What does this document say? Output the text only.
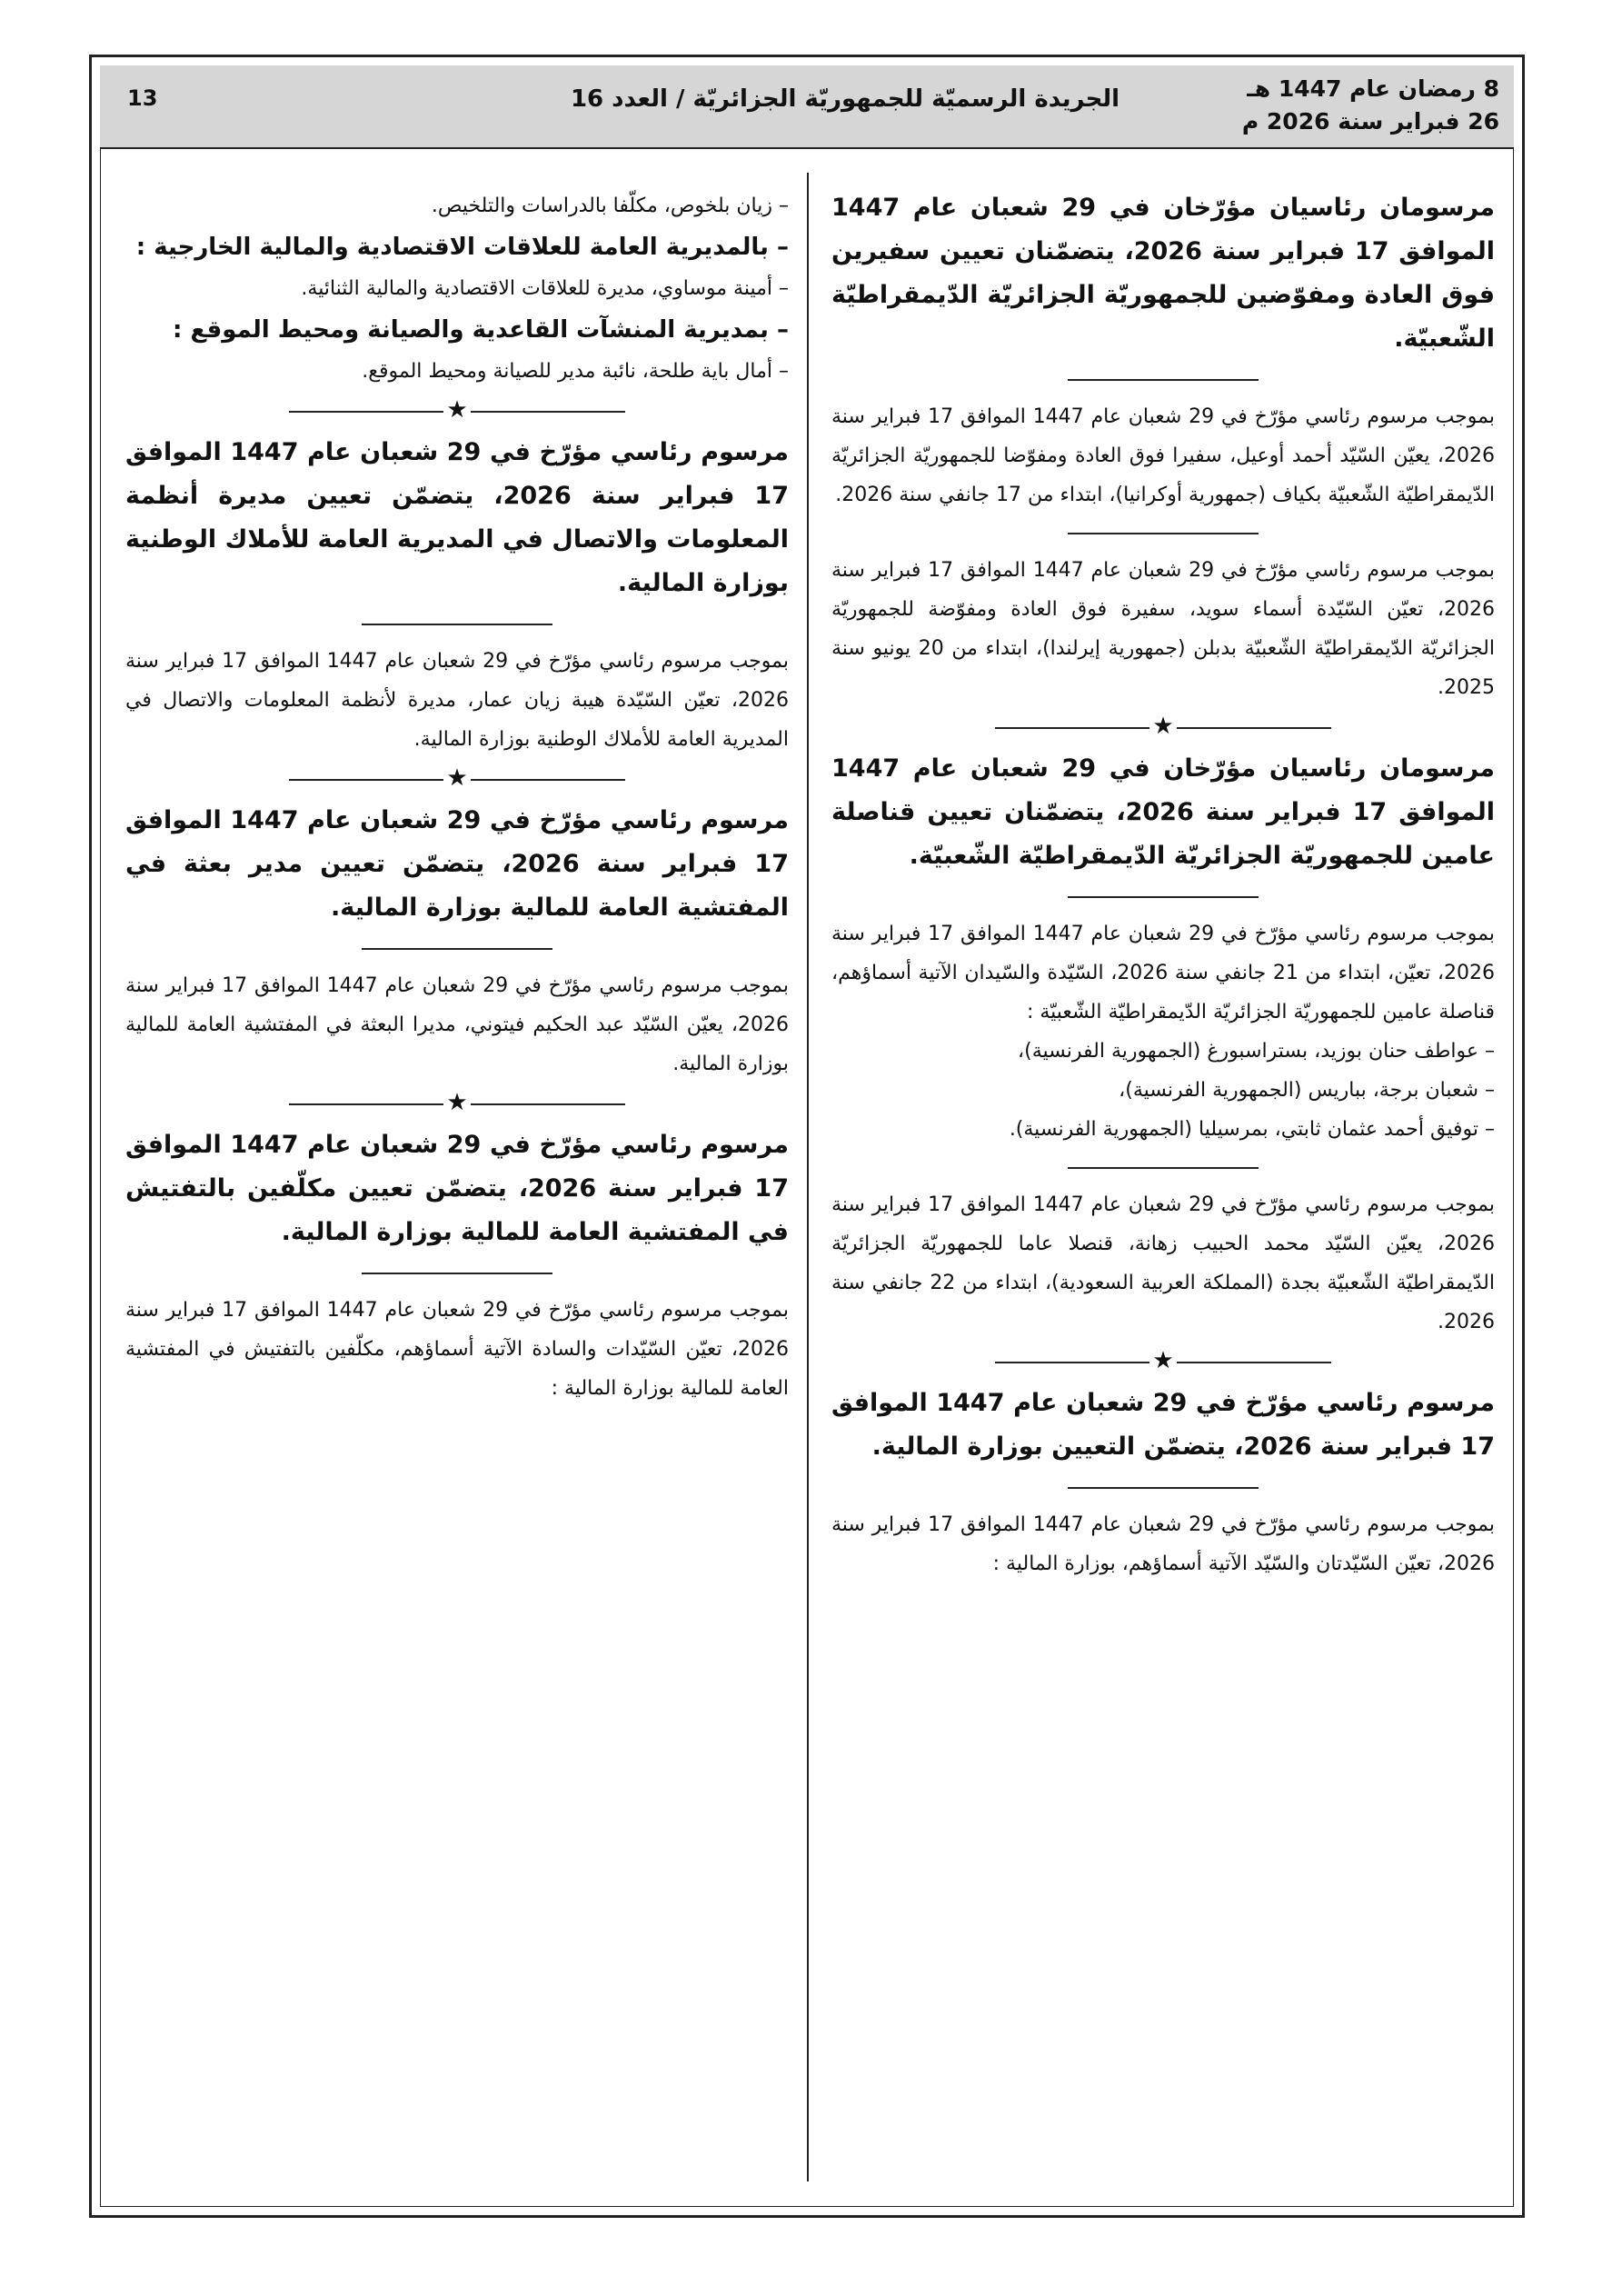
8 رمضان عام 1447 هـ
26 فبراير سنة 2026 م
الجريدة الرسميّة للجمهوريّة الجزائريّة / العدد 16
13

مرسومان رئاسيان مؤرّخان في 29 شعبان عام 1447 الموافق 17 فبراير سنة 2026، يتضمّنان تعيين سفيرين فوق العادة ومفوّضين للجمهوريّة الجزائريّة الدّيمقراطيّة الشّعبيّة.

بموجب مرسوم رئاسي مؤرّخ في 29 شعبان عام 1447 الموافق 17 فبراير سنة 2026، يعيّن السّيّد أحمد أوعيل، سفيرا فوق العادة ومفوّضا للجمهوريّة الجزائريّة الدّيمقراطيّة الشّعبيّة بكياف (جمهورية أوكرانيا)، ابتداء من 17 جانفي سنة 2026.

بموجب مرسوم رئاسي مؤرّخ في 29 شعبان عام 1447 الموافق 17 فبراير سنة 2026، تعيّن السّيّدة أسماء سويد، سفيرة فوق العادة ومفوّضة للجمهوريّة الجزائريّة الدّيمقراطيّة الشّعبيّة بدبلن (جمهورية إيرلندا)، ابتداء من 20 يونيو سنة 2025.

★

مرسومان رئاسيان مؤرّخان في 29 شعبان عام 1447 الموافق 17 فبراير سنة 2026، يتضمّنان تعيين قناصلة عامين للجمهوريّة الجزائريّة الدّيمقراطيّة الشّعبيّة.

بموجب مرسوم رئاسي مؤرّخ في 29 شعبان عام 1447 الموافق 17 فبراير سنة 2026، تعيّن، ابتداء من 21 جانفي سنة 2026، السّيّدة والسّيدان الآتية أسماؤهم، قناصلة عامين للجمهوريّة الجزائريّة الدّيمقراطيّة الشّعبيّة :

– عواطف حنان بوزيد، بستراسبورغ (الجمهورية الفرنسية)،

– شعبان برجة، بباريس (الجمهورية الفرنسية)،

– توفيق أحمد عثمان ثابتي، بمرسيليا (الجمهورية الفرنسية).

بموجب مرسوم رئاسي مؤرّخ في 29 شعبان عام 1447 الموافق 17 فبراير سنة 2026، يعيّن السّيّد محمد الحبيب زهانة، قنصلا عاما للجمهوريّة الجزائريّة الدّيمقراطيّة الشّعبيّة بجدة (المملكة العربية السعودية)، ابتداء من 22 جانفي سنة 2026.

★

مرسوم رئاسي مؤرّخ في 29 شعبان عام 1447 الموافق 17 فبراير سنة 2026، يتضمّن التعيين بوزارة المالية.

بموجب مرسوم رئاسي مؤرّخ في 29 شعبان عام 1447 الموافق 17 فبراير سنة 2026، تعيّن السّيّدتان والسّيّد الآتية أسماؤهم، بوزارة المالية :

– زيان بلخوص، مكلّفا بالدراسات والتلخيص.

– بالمديرية العامة للعلاقات الاقتصادية والمالية الخارجية :

– أمينة موساوي، مديرة للعلاقات الاقتصادية والمالية الثنائية.

– بمديرية المنشآت القاعدية والصيانة ومحيط الموقع :

– أمال باية طلحة، نائبة مدير للصيانة ومحيط الموقع.

★

مرسوم رئاسي مؤرّخ في 29 شعبان عام 1447 الموافق 17 فبراير سنة 2026، يتضمّن تعيين مديرة أنظمة المعلومات والاتصال في المديرية العامة للأملاك الوطنية بوزارة المالية.

بموجب مرسوم رئاسي مؤرّخ في 29 شعبان عام 1447 الموافق 17 فبراير سنة 2026، تعيّن السّيّدة هيبة زيان عمار، مديرة لأنظمة المعلومات والاتصال في المديرية العامة للأملاك الوطنية بوزارة المالية.

★

مرسوم رئاسي مؤرّخ في 29 شعبان عام 1447 الموافق 17 فبراير سنة 2026، يتضمّن تعيين مدير بعثة في المفتشية العامة للمالية بوزارة المالية.

بموجب مرسوم رئاسي مؤرّخ في 29 شعبان عام 1447 الموافق 17 فبراير سنة 2026، يعيّن السّيّد عبد الحكيم فيتوني، مديرا البعثة في المفتشية العامة للمالية بوزارة المالية.

★

مرسوم رئاسي مؤرّخ في 29 شعبان عام 1447 الموافق 17 فبراير سنة 2026، يتضمّن تعيين مكلّفين بالتفتيش في المفتشية العامة للمالية بوزارة المالية.

بموجب مرسوم رئاسي مؤرّخ في 29 شعبان عام 1447 الموافق 17 فبراير سنة 2026، تعيّن السّيّدات والسادة الآتية أسماؤهم، مكلّفين بالتفتيش في المفتشية العامة للمالية بوزارة المالية :
